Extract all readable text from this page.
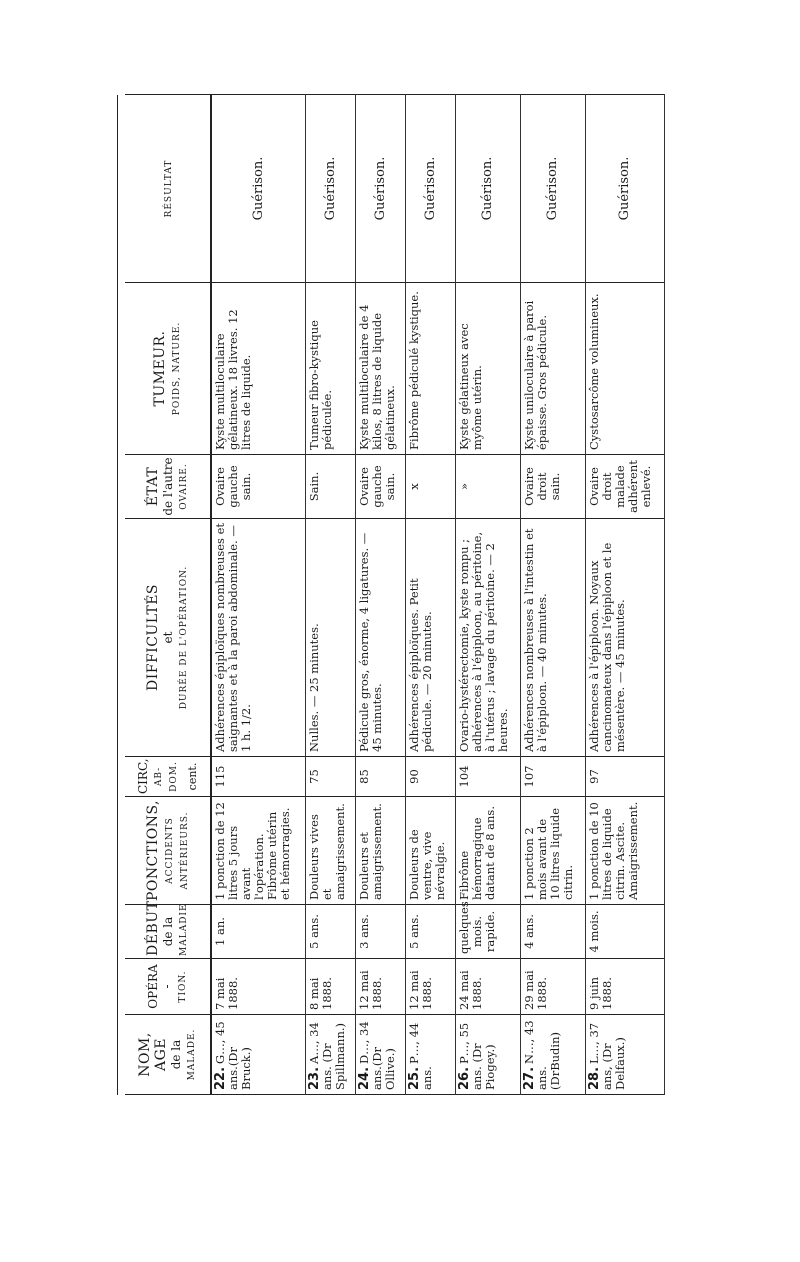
NOM, AGE de la MALADE.	OPÉRA - TION.	DÉBUT de la MALADIE	PONCTIONS, ACCIDENTS ANTÉRIEURS.	CIRC, AB- DOM. cent.	DIFFICULTÉS et DURÉE DE L'OPÉRATION.	ÉTAT de l'autre OVAIRE.	TUMEUR. POIDS, NATURE.	RÉSULTAT

22.G…, 45 ans.(Dr Bruck.)	7 mai 1888.	1 an.	1 ponction de 12 litres 5 jours avant l'opération. Fibrôme utérin et hémorragies.	115	Adhérences épiploïques nombreuses et saignantes et à la paroi abdominale. — 1 h. 1/2.	Ovaire gauche sain.	Kyste multiloculaire gélatineux. 18 livres. 12 litres de liquide.	Guérison.
23.A…, 34 ans. (Dr Spillmann.)	8 mai 1888.	5 ans.	Douleurs vives et amaigrissement.	75	Nulles. — 25 minutes.	Sain.	Tumeur fibro-kystique pédiculée.	Guérison.
24.D…, 34 ans.(Dr Ollive.)	12 mai 1888.	3 ans.	Douleurs et amaigrissement.	85	Pédicule gros, énorme, 4 ligatures. — 45 minutes.	Ovaire gauche sain.	Kyste multiloculaire de 4 kilos, 8 litres de liquide gélatineux.	Guérison.
25.P…, 44 ans.	12 mai 1888.	5 ans.	Douleurs de ventre, vive névralgie.	90	Adhérences épiploïques. Petit pédicule. — 20 minutes.	x	Fibrôme pédiculé kystique.	Guérison.
26.P…, 55 ans. (Dr Piogey.)	24 mai 1888.	quelques mois. rapide.	Fibrôme hémorragique datant de 8 ans.	104	Ovario-hystérectomie, kyste rompu ; adhérences à l'épiploon, au péritoine, à l'utérus ; lavage du péritoine. — 2 heures.	»	Kyste gélatineux avec myôme utérin.	Guérison.
27.N…, 43 ans. (DrBudin)	29 mai 1888.	4 ans.	1 ponction 2 mois avant de 10 litres liquide citrin.	107	Adhérences nombreuses à l'intestin et à l'épiploon. — 40 minutes.	Ovaire droit sain.	Kyste uniloculaire à paroi épaisse. Gros pédicule.	Guérison.
28.L…, 37 ans, (Dr Delfaux.)	9 juin 1888.	4 mois.	1 ponction de 10 litres de liquide citrin. Ascite. Amaigrissement.	97	Adhérences à l'épiploon. Noyaux cancinomateux dans l'épiploon et le mésentère. — 45 minutes.	Ovaire droit malade adhérent enlevé.	Cystosarcôme volumineux.	Guérison.
